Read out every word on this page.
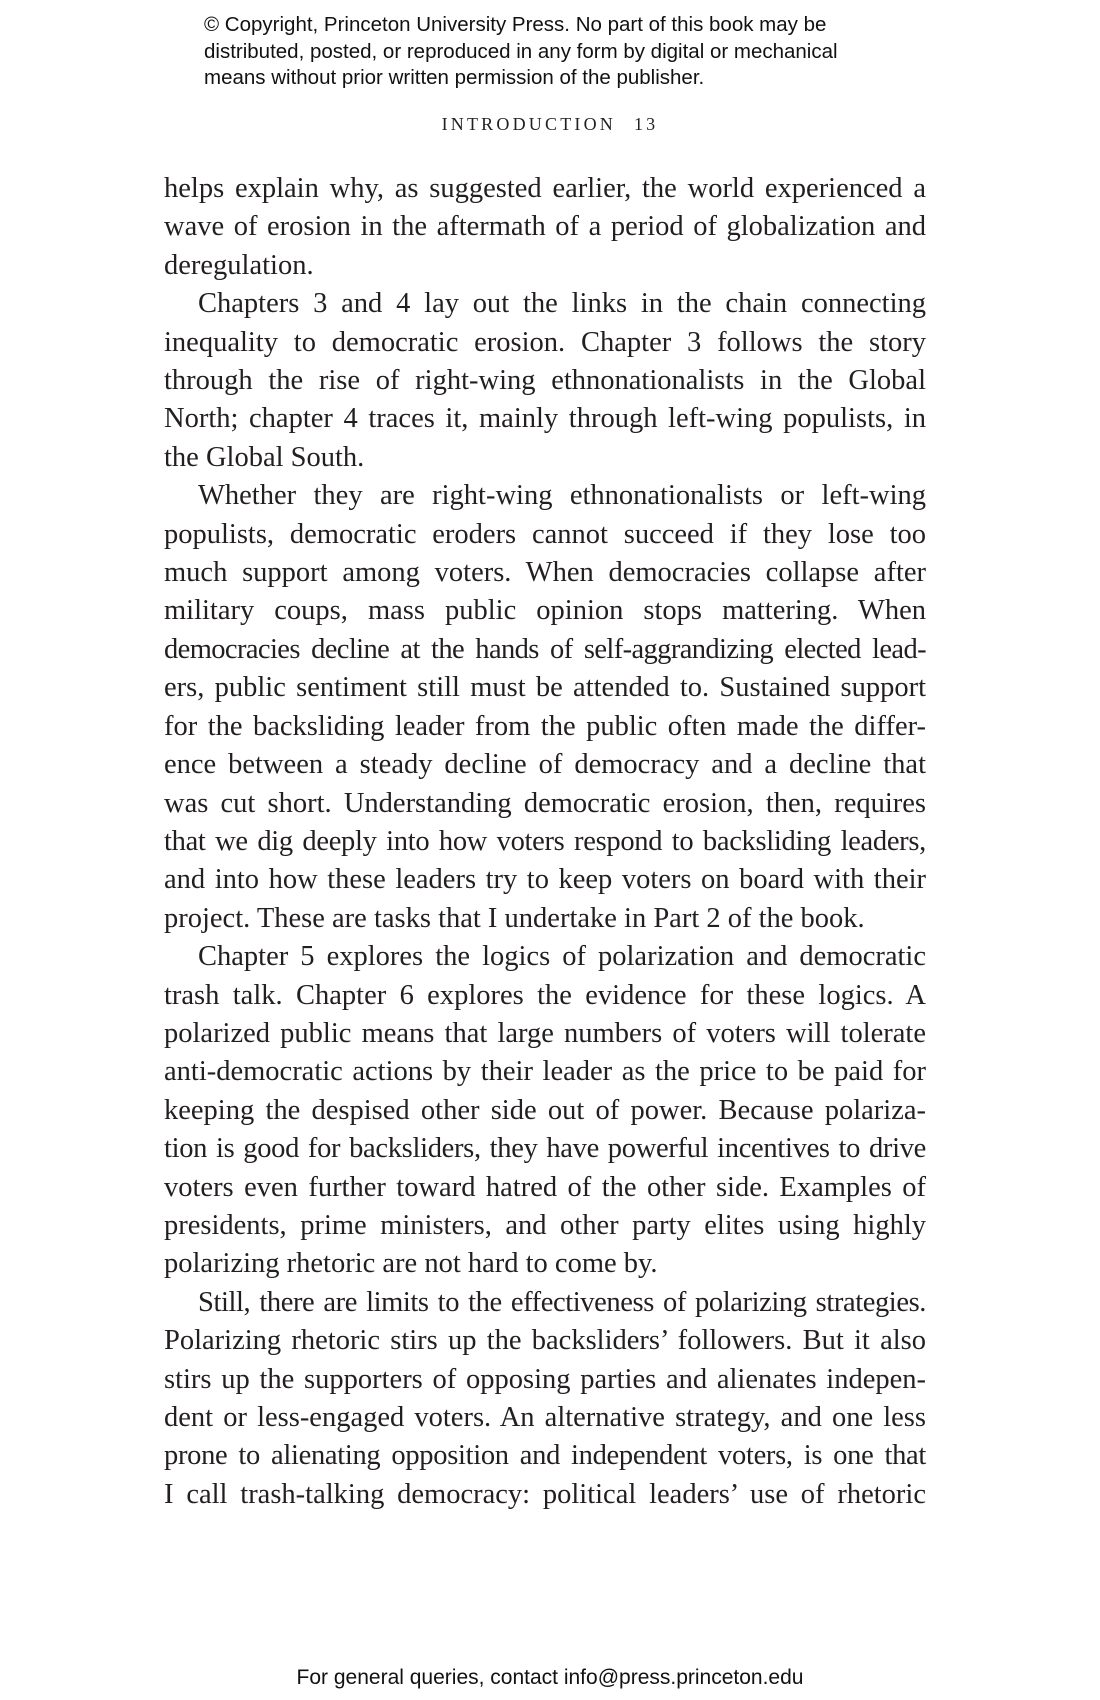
© Copyright, Princeton University Press. No part of this book may be
distributed, posted, or reproduced in any form by digital or mechanical
means without prior written permission of the publisher.
INTRODUCTION 13

helps explain why, as suggested earlier, the world experienced a
wave of erosion in the aftermath of a period of globalization and
deregulation.

Chapters 3 and 4 lay out the links in the chain connecting
inequality to democratic erosion. Chapter 3 follows the story
through the rise of right-wing ethnonationalists in the Global
North; chapter 4 traces it, mainly through left-wing populists, in
the Global South.

Whether they are right-wing ethnonationalists or left-wing
populists, democratic eroders cannot succeed if they lose too
much support among voters. When democracies collapse after
military coups, mass public opinion stops mattering. When
democracies decline at the hands of self-aggrandizing elected lead-
ers, public sentiment still must be attended to. Sustained support
for the backsliding leader from the public often made the differ-
ence between a steady decline of democracy and a decline that
was cut short. Understanding democratic erosion, then, requires
that we dig deeply into how voters respond to backsliding leaders,
and into how these leaders try to keep voters on board with their
project. These are tasks that I undertake in Part 2 of the book.

Chapter 5 explores the logics of polarization and democratic
trash talk. Chapter 6 explores the evidence for these logics. A
polarized public means that large numbers of voters will tolerate
anti-democratic actions by their leader as the price to be paid for
keeping the despised other side out of power. Because polariza-
tion is good for backsliders, they have powerful incentives to drive
voters even further toward hatred of the other side. Examples of
presidents, prime ministers, and other party elites using highly
polarizing rhetoric are not hard to come by.

Still, there are limits to the effectiveness of polarizing strategies.
Polarizing rhetoric stirs up the backsliders’ followers. But it also
stirs up the supporters of opposing parties and alienates indepen-
dent or less-engaged voters. An alternative strategy, and one less
prone to alienating opposition and independent voters, is one that
I call trash-talking democracy: political leaders’ use of rhetoric

For general queries, contact info@press.princeton.edu
